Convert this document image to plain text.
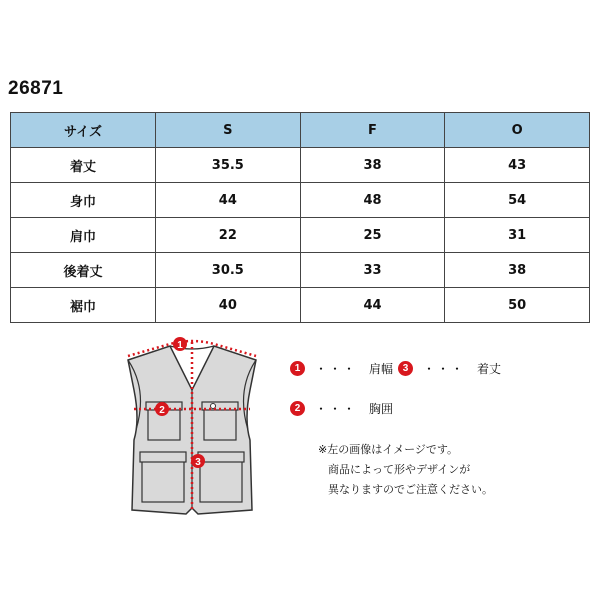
26871
サイズ	S	F	O
着丈	35.5	38	43
身巾	44	48	54
肩巾	22	25	31
後着丈	30.5	33	38
裾巾	40	44	50
1
2
3
1	・・・ 肩幅 3	・・・ 着丈
2	・・・ 胸囲
※左の画像はイメージです。
商品によって形やデザインが
異なりますのでご注意ください。
